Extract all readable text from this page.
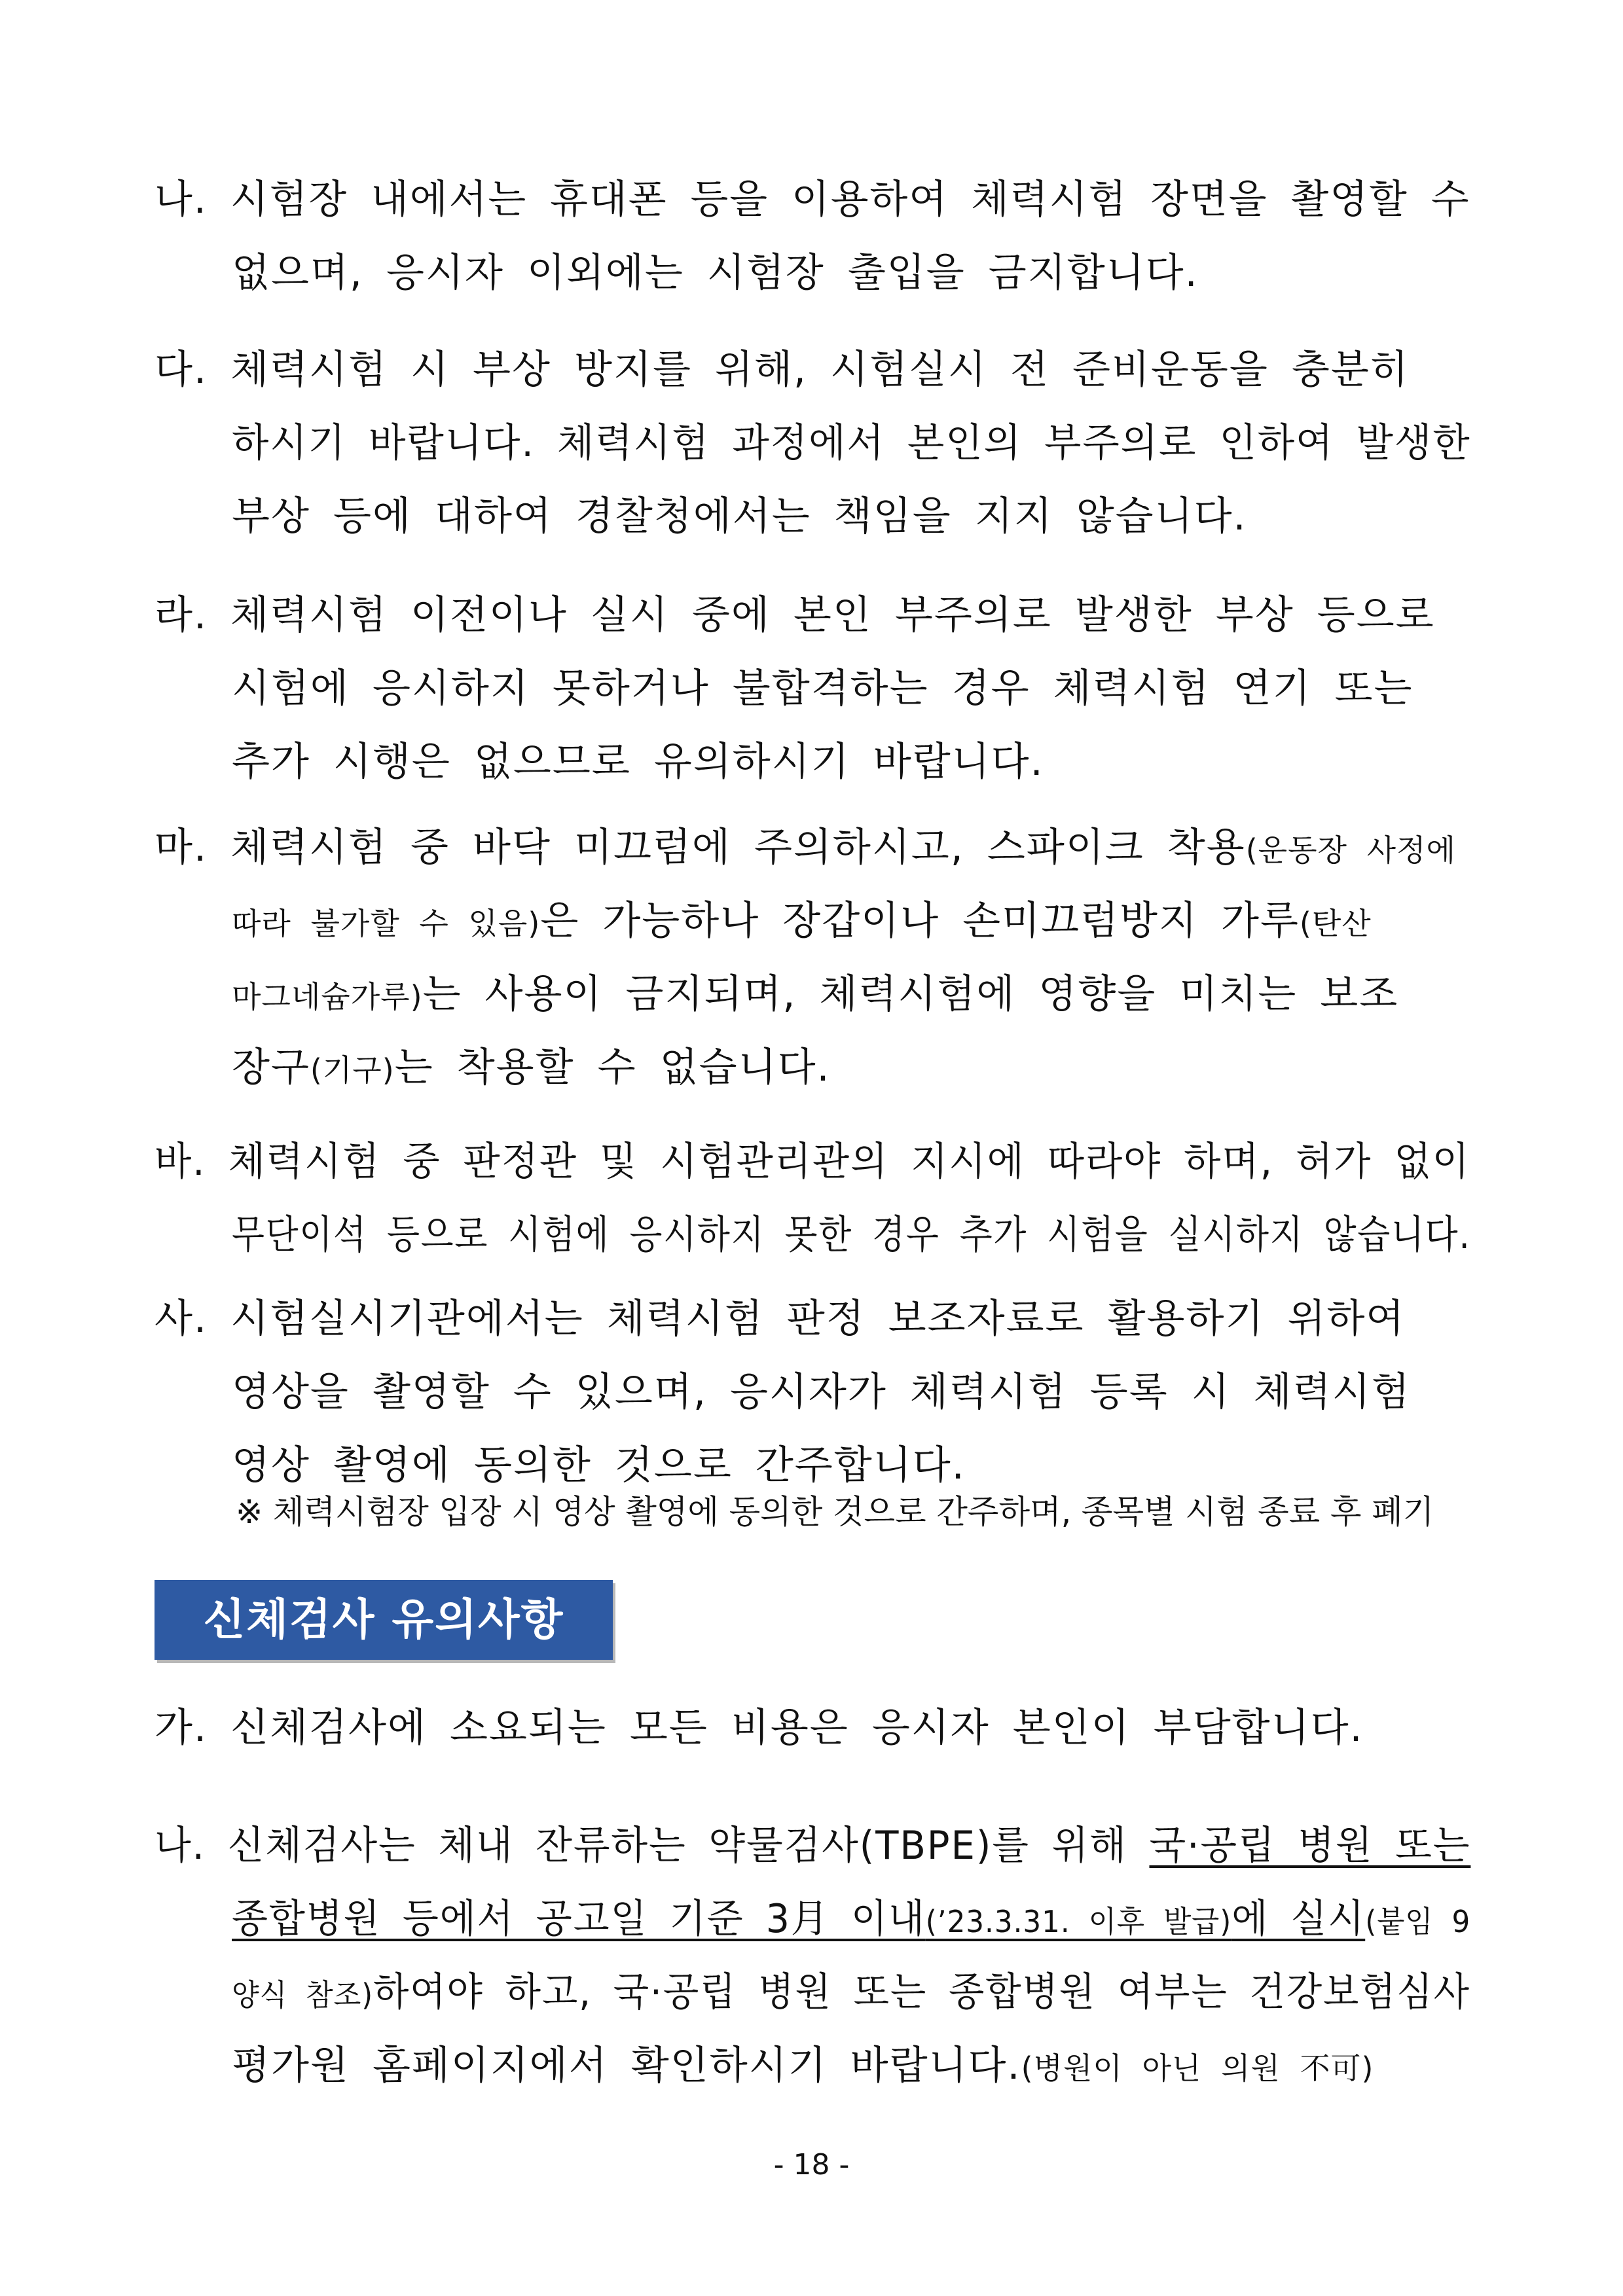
나. 시험장 내에서는 휴대폰 등을 이용하여 체력시험 장면을 촬영할 수
없으며, 응시자 이외에는 시험장 출입을 금지합니다.
다. 체력시험 시 부상 방지를 위해, 시험실시 전 준비운동을 충분히
하시기 바랍니다. 체력시험 과정에서 본인의 부주의로 인하여 발생한
부상 등에 대하여 경찰청에서는 책임을 지지 않습니다.
라. 체력시험 이전이나 실시 중에 본인 부주의로 발생한 부상 등으로
시험에 응시하지 못하거나 불합격하는 경우 체력시험 연기 또는
추가 시행은 없으므로 유의하시기 바랍니다.
마. 체력시험 중 바닥 미끄럼에 주의하시고, 스파이크 착용(운동장 사정에
따라 불가할 수 있음)은 가능하나 장갑이나 손미끄럼방지 가루(탄산
마그네슘가루)는 사용이 금지되며, 체력시험에 영향을 미치는 보조
장구(기구)는 착용할 수 없습니다.
바. 체력시험 중 판정관 및 시험관리관의 지시에 따라야 하며, 허가 없이
무단이석 등으로 시험에 응시하지 못한 경우 추가 시험을 실시하지 않습니다.
사. 시험실시기관에서는 체력시험 판정 보조자료로 활용하기 위하여
영상을 촬영할 수 있으며, 응시자가 체력시험 등록 시 체력시험
영상 촬영에 동의한 것으로 간주합니다.
가. 신체검사에 소요되는 모든 비용은 응시자 본인이 부담합니다.
나. 신체검사는 체내 잔류하는 약물검사(TBPE)를 위해 국·공립 병원 또는
종합병원 등에서 공고일 기준 3月 이내(’23.3.31. 이후 발급)에 실시(붙임 9
양식 참조)하여야 하고, 국·공립 병원 또는 종합병원 여부는 건강보험심사
평가원 홈페이지에서 확인하시기 바랍니다.(병원이 아닌 의원 不可)
※ 체력시험장 입장 시 영상 촬영에 동의한 것으로 간주하며, 종목별 시험 종료 후 폐기
신체검사 유의사항
- 18 -
